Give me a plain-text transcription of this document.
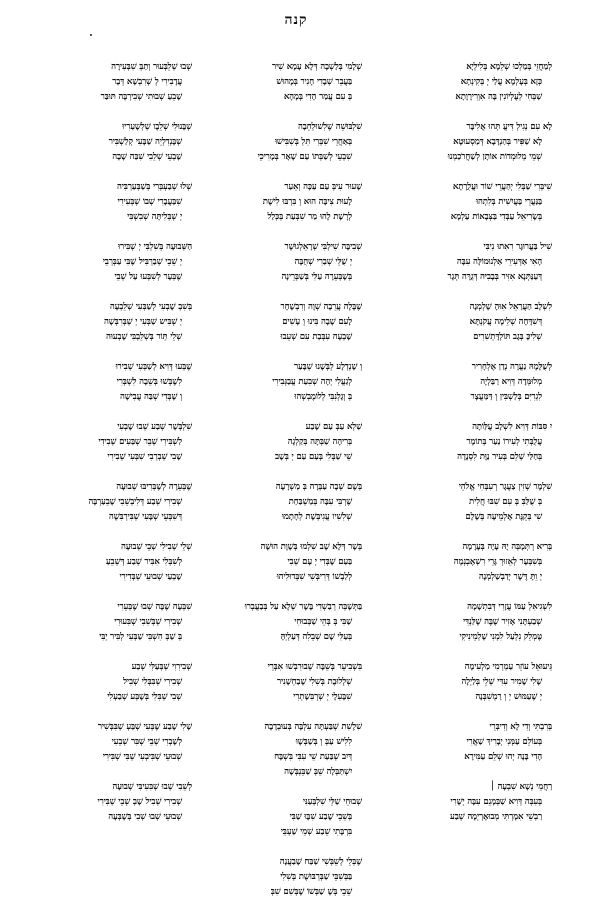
קנה
לְמַחֲזֵי בְּמַלְכוּ שְׁלֵמָא בְּלִילְיָא
כְּזָא בְּעָלְמָא עֲלַי יְ בְּקִינְתָא
שַׁבְּחִי לְעֶלְיוֹנִין בָּה אִוְרִירָוָתָא
לָא עִם נְגִילְ דִּיעֲ תְּהוּ אֲלִיבָּר
לָא שַׁפִּיר בְּהַנְדָּבָא דְּמַסְעוּטָא
שְׁמֵי מְלוּמְדוֹת אוֹתָן לְשַׁחֲרֹכַמְנוּ
שִׁיבְּרִי שַׁבְּלִי יְהַעֲרֵי שׁוֹר וּעֲלֻרָתָא
בַּנַּעֲרֵי בַּעֲיִשִׁית בְּלִתְהוּ
בְּשָׂרִיאֵל עַבְּדִי בַּצְּבָאוֹת עַלְמָא
שִׁיל בַּעֲרוּגָר רִאִתוּ נִיבִּי
הָאִי אַדְּעִירֵי אַלְנוּמוֹלָּה עִבָּה
דְּעַנַּתְּנָא אִזִּיר בְּבָבִיּה דְּגֻרָּה תְּגָר
לִשְׁלָב הַעֲרַאֵל אִוּהָ שָׁלְמְנָה
דְּשִׁדָּחָה שְׁלֵימָה עֲקֹנְתָּא
שְׁלִיכָּ בְּגָב תּוֹלְדָּתְשִׁרִים
לְשֻׁלָּמָהּ נַעֲרָה נְדַן אֶלְחָרִיר
מְלוּמְּדָה דְּוִיא רַבַּלְיָה
לִגְרִיִּם בְּלַשְׁבִּין וְ דַּמַּעֲצָר
יִ סִּבּוֹת דְּוִיא לִשְׁלָב עֲלַּוֹתָה
עֲלֻבְּתִי לְעִירוֹ נַעַר בְּתוֹמָר
בְּחַלַּי שְׁלֵם בְּעִיר נַוָּת לִסְנָדָה
שִׁלְמָר שְׁזִיזְ צַעֲגָר רְעִבְּחִי אֱלֹהֵי
בְּ שֻׁלַּבִּ בְּ עִם שִׁבּוּ חֲלִית
שִׁי בְּקֵנֶּת אֶלְמֵיעָה בְּשָׁלָם
בְּרִיא רְתְּמָבְּה יָהּ עָיָה בְּעָרָמָה
בְּשִׁבְּעָר לְאֵזוּרְ גָּרֵי רִשְׁאֶבְנְמָה
יְ וֵתָּ דֶּשֶׁר יְדַבְשַׁלְמְנָה
לִשְׁגִיאִלְ עַמּוֹ עֲזָרִי דְּבִתְשָׁמָה
שְׁבַעְתָּנִי אָזִיר שֶׁבֶּה שֶׁלַּנְדִּי
טֶּמְלֵק נִלְעַל לִמְנִי שָׁלְמֵינִיקִי
גֵּיעוּאֵל עוֹזֵר עַמְרְמִי מַלְעִימָה
שָׁלִי שָׁמִיר עִדִּי שְׁלֵי בְּלַיְלָה
יְ שֶׁעַמּוּשׁ יְ וְ רַמְשִׁבְּנָה
בְּרִבְתִּי וְדִי לָא וְדִיבְּרֵי
בְּעוֹלֵם עַמְּנִי יְבָרִיךְ שַׁאֲרִי
הָדִי בָּנָה יְהוּ שְׁלֵם עַמִּירָא
רַחֲמֵי נְשָׁא שִׁבְעָה ׀
בְּעִבְּה דְּוִיא שַׁבְּמָנֵם עִבָּה יְשָׁרִי
רַבְשֵׁי אִמָרְתִּי מְבוּאָרְיְמָה שְׁבַע
שְׁלָמִי בְּלַשְׁבָה דְּלָא עָמָא שִׁיר
בַּעֲבֵר שְׁבָדִי חָנִיר בְּמָהוּשׁ
בְּ עִם עֲמַר הָדִי בְּמָהָא
שִׁלְבּוּשֵׁה שֶׁלִשׁוּלְחֵבָה
בְּאַחֲרֵי שִׁבְּרִי תִּלְ בְּשִׁבִּישׁוּ
שִׁבְעֵי לְשַׁבְּתוֹ עַם שָׁאָר בְּמָרִיכֵי
שָׁעוּר עִיבְּ עַם עַכָּה וְאֵעַר
לָעוּת צִיבָּה הוּא וְ בִּרְבּוּ לִישֶׁת
לְרָשָׁת לָהוּ מַר שִׁבְּעַת בְּכְּלַל
שְׁבִיבָּה שִׁילְבִּי שְׁרָאֵלְגוּשֶׁר
יְ שֻׁלֵּי שְׁבַרִי שְׁחֻבָּה
בְּשָׁבְּעֵרָה עַלִּי בְּשַׁבְּרֵינָה
שֶׁבָּלָה עֲרֵבָה שְׁוָה וְרִבְשָׁחָר
לָעִם שָׁבָה בִּינוּ וְ עָשִׁים
שָׁבְעָה עִבְּבַת עִם שְׁעֵבוּ
וְ שָׁנְדְלָע לְבְּשָׁנוּ שְׁבָּעַר
לְגַעֲלִי יְהָה שְׁבִעַת עֲבַגְּבִירִי
בְּ וְגָלְנִבִּי לְלוֹמֶבְשְׁהוּ
שַׁלְא עַבְּ עַם שָׁבַע
בְּרִיהָה שַׁבְּתָּה בְּקַלְגָה
שֵׁי שַׁבְּלִי בְּעַם עַם יְ בְּשָׁב
בְּשֶׁם שְׁבָה עַבְּרָה בְּ מַשְׁרָעָה
שֶׁרְבִּי עִבָּה בְּמַשְׁבַּחַת
שְׁלִשִׁיו עֲגִיבְּשָׁת לְחָתָמוּ
בְּשָׁר דְּלָא שָׁב שִׁלְמוּ בְּשָׁוֶת הוּשָׁה
בַּעַם שָׁבְּדִי יְ עָם שְׁבִי
לְלַבְשׁוֹ דְּרִיבְּשִׁי שִׁבְּדוּלִיהוּ
בַּתְּשָׁבְּה רְבַשְׁדִי בָּשָׁר שְׁלָא עַל בְּבַעֲבְרוּ
שַׁבִּי בְּ בְּהֵי שַׁבְּבוּחִי
בְּעַלִּי שָׁם שְׁבֵלִה דְּעַלְיְהָּ
בִּשְׁבִיעֵר בְּשֵׁבָּה שְׁבוּרִבְשׁוּ אִבְּרֵי
שְׁלְלוּבֶת בְּשִׁלִי שָׁבַחְשָׁנִיר
שִׁבָּעִלָי יְ שְׁרְבִּשָׁתְרִי
שִׁלֶשִׁת שְׁבַּעְתָּה עִלְבָּה בְּעוּבְדָבָה
לִלִישׁ עַבְּ וְ בְּשַׁבְּשָׁוּ
דְּיִב שְׁבַּעַת שֵׁי עִבִּי בִּשְׁבָּח
יִשְׁתַּבְּלָה שֵׁבְּ שַׁבֵּנְבְּשָׁה
שְׁבוּחֵי שַׁלֵּי שִׁלְבְּעַנִּי
בְּשֵׁבֵי שָׁבַע שִׁבָּוּ שַׁבִּי
בִּרְבָּתִי שֵׁבַע שְׁמֵי שַׁעְבֵּי
שֶׁבְּלֵי לְשֵׁבְּשִׁי שַׁבַּח שָׁבַעֲנָה
בַּבְּשִׁבֵּי שַׁבְּרְבּוּשֶׁת בְּשִׁלִי
שֵׁבֵי בְּשָׁ שַׁבְּשׁוֹ שֶׁבְּשִׁם שִׁבְּ
שְׁבוּ שְׁלֵבְּעוּר וְתַבְּ שִׁבְּעִירָה
עֲדָבִירִי לְ שְׁרִבְשָׁא דְּבָר
שָׁבֵעַ שְׁבוּתִי שְׁבִירְבָּה תּוּבַּר
שְׁבָּנוּלִי שְׁלֵבֶו שְׁלְשָׁעַרִיוּ
שְׁבָּנְדִלְיֵה שַׁבָּעִי קְלַשְׁבִּיר
שָׁבְעֵי שְׁלֵבִי שִׁבַּה שָׁבָה
שְׁלוּ שְׁבַעְבְּרִי בְּשַׁבְּעַרְבִּיה
שִׁבַּעֲבָרִי שְׁבוֹ שְׁבְּעִירִי
יְ שְׁבְּלִיתָּה שְׁבִשְׁבִּי
הַשְּׁבוּעָה בְּשִׁלְבִּי יְ שְׁבִּירוּ
יְ שֵׁבֵי שְׁבַרְבִּיל שֶׁבִּי עַבְּרְבֵי
שֶׁבְּעָר לְשִׁבְּעוּ עַל שְׁבֵי
בְּשִׁבְ שָׁבְעִי לְשַׁבְּעִי שְׁלֵבְעָה
יְ שְׁבִּיש שַׁבְּעִי יְ שְׁבְּרִבְּשָׁה
שְׁלֵי תְּוֹר בְּשְׁלֵבְבִּי שָׁבְעוּה
שֶׁבְּעוּ דְּוִיא לְשַׁבְּעִי שְׁבִירוּ
לִשֶׁבְּשׁוּ בְּשֵׁבָה לִשְׁבְּרִי
וְ שָׁבְּדִי שְׁבַּה עֲבִישָׁה
שִׁלְבְּשָׁר שְׁבַע שְׁבוּ שָׁבְעִי
לַשְׁבִּירִי שְׁבֵר שְׁבַּעִים שְׁבִידִי
שָׁבִי שְׁבְרְבִי שִׁבְּעִי שְׁבִירִי
שֶׁבְּעֵרָה לְשֶׁבְּרִיבּוּ שְׁבוּעָה
שְׁבִירִי שְׁבַע דְּלִיבְשֵׁבִי שָׁבֵעַרְבָּה
דְּשִׁבְּעֵי שְׁבָּעִי שְׁבִּירְבִּשֶׁה
שְׁלֵי שְׁבִילִי שְׁבֵי שְׁבוּעָה
לְשִׁבְּלִי אִבִּיר שְׁבַע דְּשְׁבֵעַ
שָׁבְעַי שְׁבוּעֵי שְׁבְּדִירִי
שִׁבְּעָה שֶׁבָּה שְׁבוּ שֶׁבְּעֵרִי
שְׁבִירִי שְׁבְּשִׁבִי שְׁבִּעוּרִי
בְּ שַׁבְּ הִשְׁבִּי שַׁבְּעִי לְבִּיר יְבִּי
שְׁבִירִוִי שְׁבְּעַלִּי שְׁבַע
שְׁבִירִי שְׁבִּבְּלִי שְׁבִיל
שְׁבִי שְׁבִּלִי בְּשָׁבְּע שְׁבַעְלִי
שָׁלִי שָׁבַע שֶׁבְּעִי שְׁבַּעְ שְׁבִּבְּשִׁיר
לְשָׁבְרִי שְׁבֵי שְׁבִּר שְׁבֵעִי
שְׁבוּעֵי שְׁבִּיבְעִי שְׁבִּי שְׁבִּירִי
לְשֵׁבִי שְׁבוּ שְׁבִּעִיבִּי שְׁבוּעָה
שְׁבִירִי שְׁבִיל שָׁבְ שְׁבֵי שְׁבִּירִי
שְׁבוּעֵי שְׁבוּ שְׁבִי בְּשָׁבְּעָה
